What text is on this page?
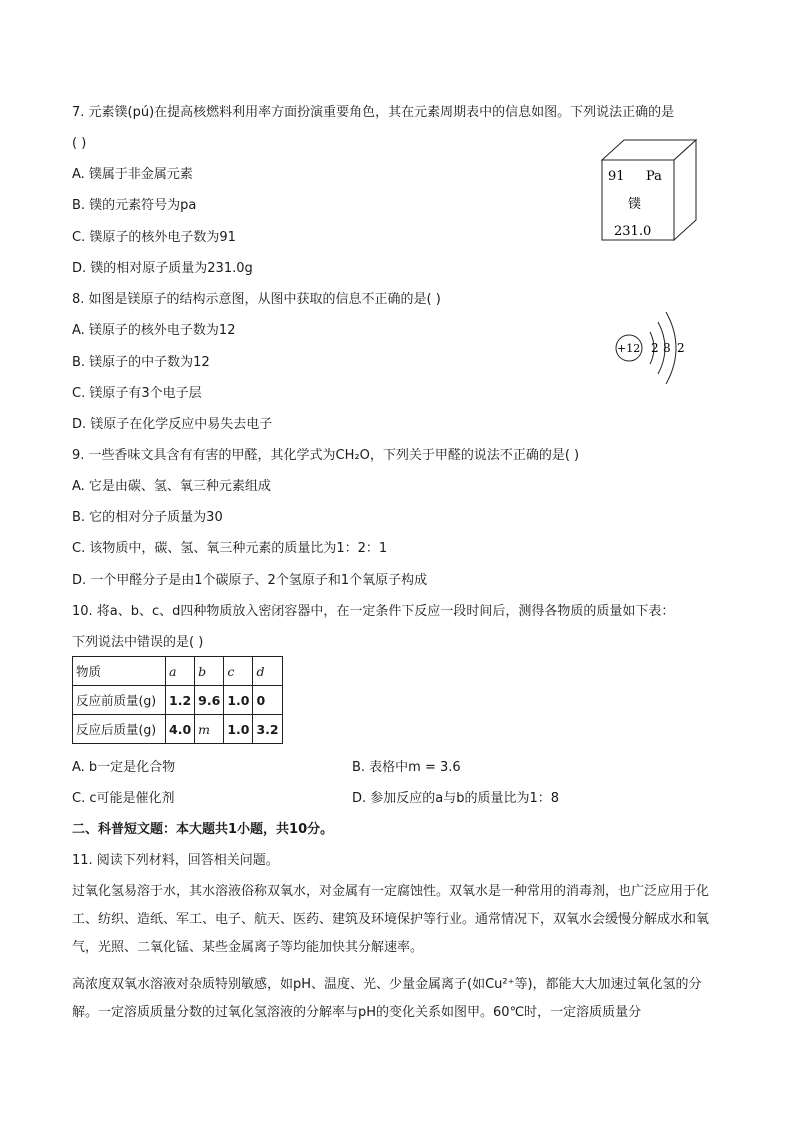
7. 元素镤(pú)在提高核燃料利用率方面扮演重要角色，其在元素周期表中的信息如图。下列说法正确的是
( )
A. 镤属于非金属元素
B. 镤的元素符号为pa
C. 镤原子的核外电子数为91
D. 镤的相对原子质量为231.0g
91 Pa
镤
231.0
8. 如图是镁原子的结构示意图，从图中获取的信息不正确的是( )
A. 镁原子的核外电子数为12
B. 镁原子的中子数为12
C. 镁原子有3个电子层
D. 镁原子在化学反应中易失去电子
+12 2 8 2
9. 一些香味文具含有有害的甲醛，其化学式为CH₂O，下列关于甲醛的说法不正确的是( )
A. 它是由碳、氢、氧三种元素组成
B. 它的相对分子质量为30
C. 该物质中，碳、氢、氧三种元素的质量比为1：2：1
D. 一个甲醛分子是由1个碳原子、2个氢原子和1个氧原子构成
10. 将a、b、c、d四种物质放入密闭容器中，在一定条件下反应一段时间后，测得各物质的质量如下表：
下列说法中错误的是( )
物质	a	b	c	d
反应前质量(g)	1.2	9.6	1.0	0
反应后质量(g)	4.0	m	1.0	3.2
A. b一定是化合物	B. 表格中m = 3.6
C. c可能是催化剂	D. 参加反应的a与b的质量比为1：8
二、科普短文题：本大题共1小题，共10分。
11. 阅读下列材料，回答相关问题。
过氧化氢易溶于水，其水溶液俗称双氧水，对金属有一定腐蚀性。双氧水是一种常用的消毒剂，也广泛应用于化工、纺织、造纸、军工、电子、航天、医药、建筑及环境保护等行业。通常情况下，双氧水会缓慢分解成水和氧气，光照、二氧化锰、某些金属离子等均能加快其分解速率。
高浓度双氧水溶液对杂质特别敏感，如pH、温度、光、少量金属离子(如Cu²⁺等)，都能大大加速过氧化氢的分解。一定溶质质量分数的过氧化氢溶液的分解率与pH的变化关系如图甲。60℃时，一定溶质质量分
